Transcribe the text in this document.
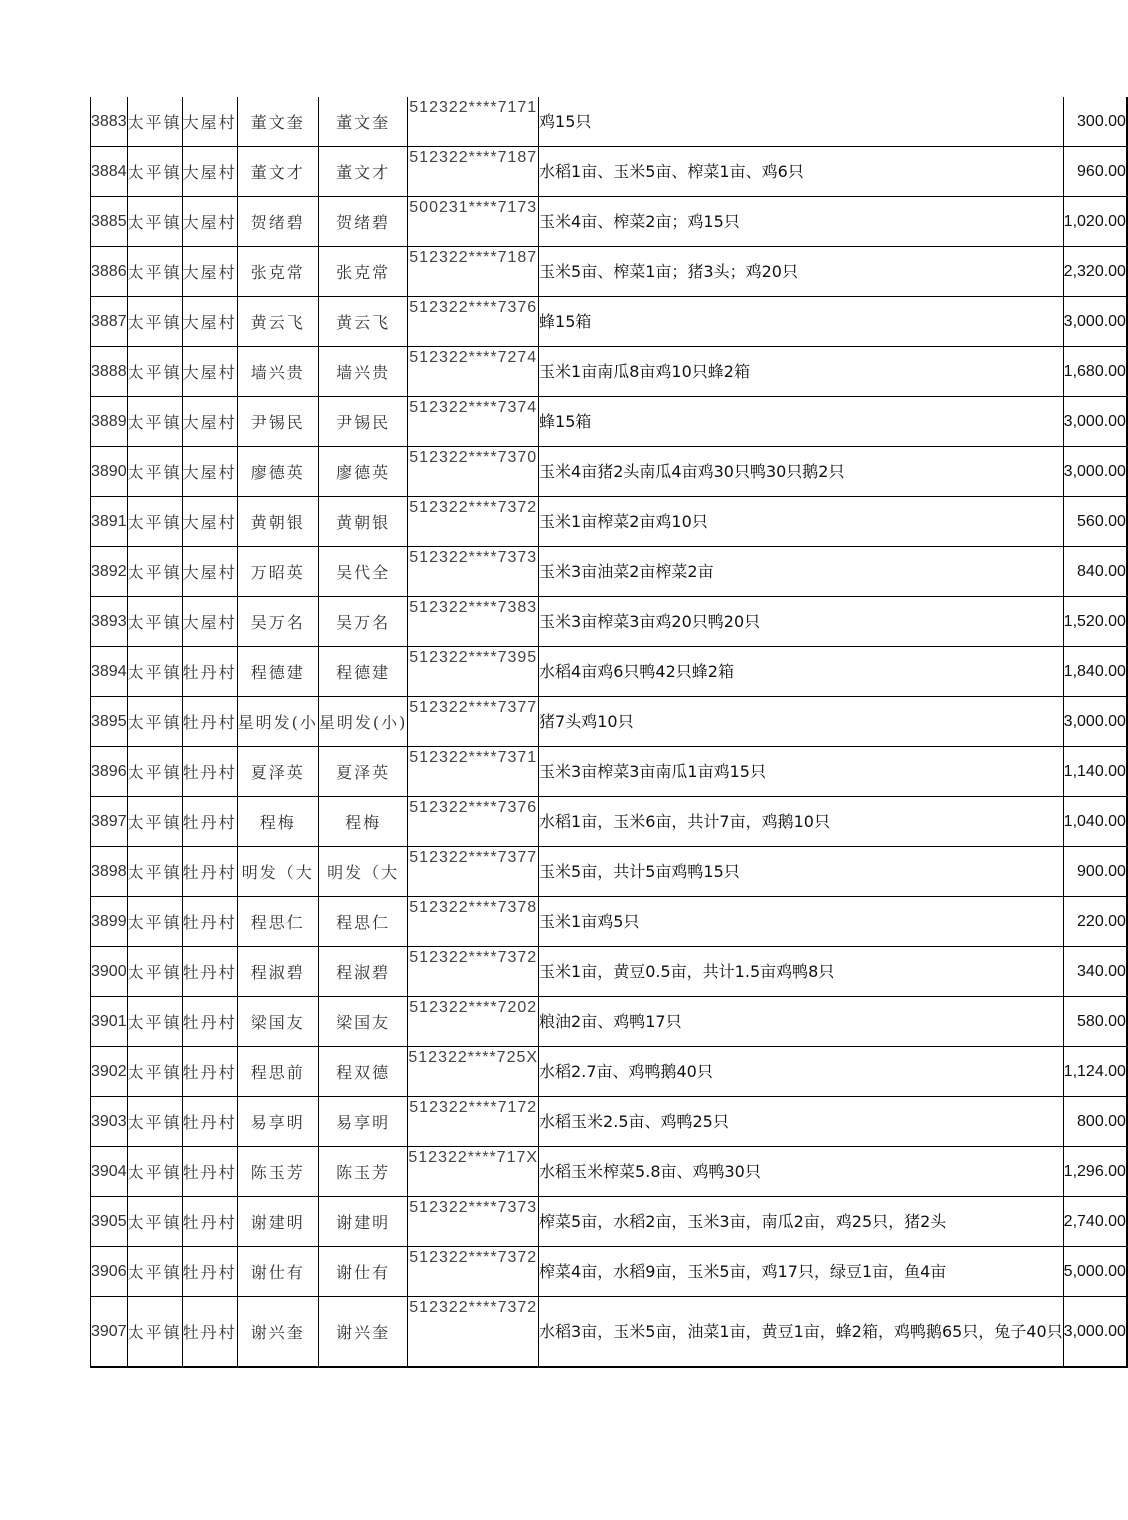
3883	太平镇	大屋村	董文奎	董文奎	512322****7171	鸡15只	300.00	
3884	太平镇	大屋村	董文才	董文才	512322****7187	水稻1亩、玉米5亩、榨菜1亩、鸡6只	960.00	
3885	太平镇	大屋村	贺绪碧	贺绪碧	500231****7173	玉米4亩、榨菜2亩；鸡15只	1,020.00	
3886	太平镇	大屋村	张克常	张克常	512322****7187	玉米5亩、榨菜1亩；猪3头；鸡20只	2,320.00	
3887	太平镇	大屋村	黄云飞	黄云飞	512322****7376	蜂15箱	3,000.00	
3888	太平镇	大屋村	墙兴贵	墙兴贵	512322****7274	玉米1亩南瓜8亩鸡10只蜂2箱	1,680.00	
3889	太平镇	大屋村	尹锡民	尹锡民	512322****7374	蜂15箱	3,000.00	
3890	太平镇	大屋村	廖德英	廖德英	512322****7370	玉米4亩猪2头南瓜4亩鸡30只鸭30只鹅2只	3,000.00	
3891	太平镇	大屋村	黄朝银	黄朝银	512322****7372	玉米1亩榨菜2亩鸡10只	560.00	
3892	太平镇	大屋村	万昭英	吴代全	512322****7373	玉米3亩油菜2亩榨菜2亩	840.00	
3893	太平镇	大屋村	吴万名	吴万名	512322****7383	玉米3亩榨菜3亩鸡20只鸭20只	1,520.00	
3894	太平镇	牡丹村	程德建	程德建	512322****7395	水稻4亩鸡6只鸭42只蜂2箱	1,840.00	
3895	太平镇	牡丹村	星明发(小	星明发(小)	512322****7377	猪7头鸡10只	3,000.00	
3896	太平镇	牡丹村	夏泽英	夏泽英	512322****7371	玉米3亩榨菜3亩南瓜1亩鸡15只	1,140.00	
3897	太平镇	牡丹村	程梅	程梅	512322****7376	水稻1亩，玉米6亩，共计7亩，鸡鹅10只	1,040.00	
3898	太平镇	牡丹村	明发（大	明发（大	512322****7377	玉米5亩，共计5亩鸡鸭15只	900.00	
3899	太平镇	牡丹村	程思仁	程思仁	512322****7378	玉米1亩鸡5只	220.00	
3900	太平镇	牡丹村	程淑碧	程淑碧	512322****7372	玉米1亩，黄豆0.5亩，共计1.5亩鸡鸭8只	340.00	
3901	太平镇	牡丹村	梁国友	梁国友	512322****7202	粮油2亩、鸡鸭17只	580.00	
3902	太平镇	牡丹村	程思前	程双德	512322****725X	水稻2.7亩、鸡鸭鹅40只	1,124.00	
3903	太平镇	牡丹村	易享明	易享明	512322****7172	水稻玉米2.5亩、鸡鸭25只	800.00	
3904	太平镇	牡丹村	陈玉芳	陈玉芳	512322****717X	水稻玉米榨菜5.8亩、鸡鸭30只	1,296.00	
3905	太平镇	牡丹村	谢建明	谢建明	512322****7373	榨菜5亩，水稻2亩，玉米3亩，南瓜2亩，鸡25只，猪2头	2,740.00	
3906	太平镇	牡丹村	谢仕有	谢仕有	512322****7372	榨菜4亩，水稻9亩，玉米5亩，鸡17只，绿豆1亩，鱼4亩	5,000.00	
3907	太平镇	牡丹村	谢兴奎	谢兴奎	512322****7372	水稻3亩，玉米5亩，油菜1亩，黄豆1亩，蜂2箱，鸡鸭鹅65只，兔子40只	3,000.00	
